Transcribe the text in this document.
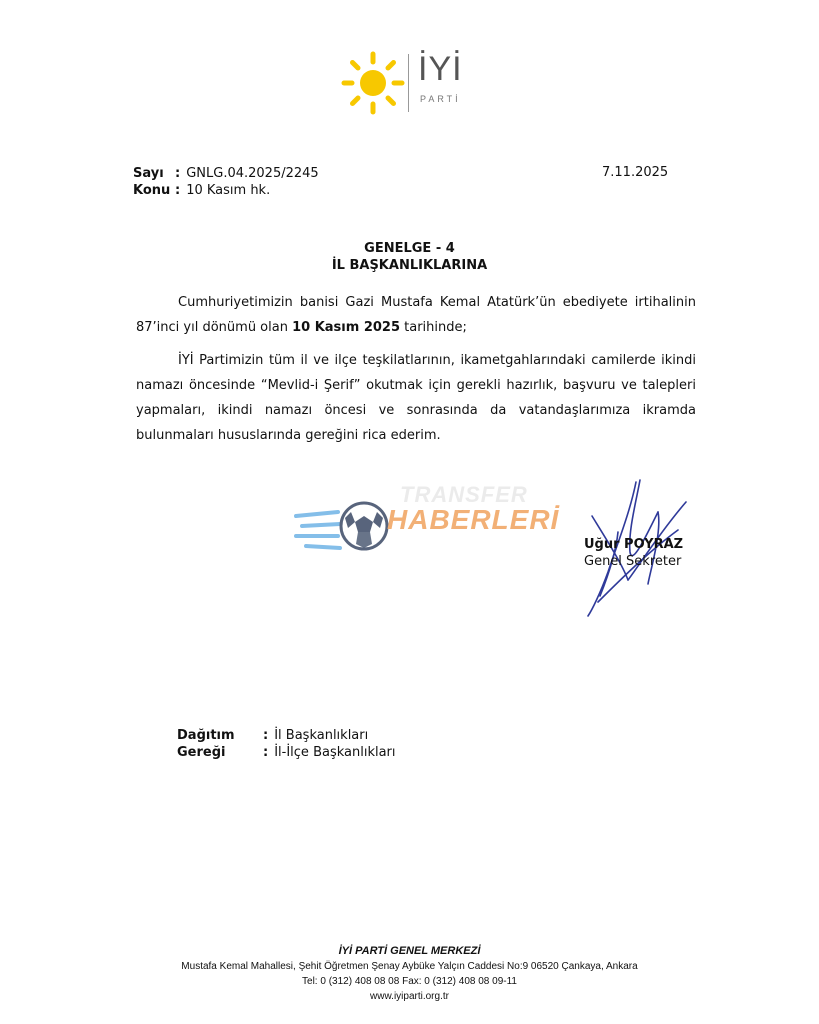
İYİ
PARTİ
Sayı : GNLG.04.2025/2245
Konu : 10 Kasım hk.
7.11.2025
GENELGE - 4
İL BAŞKANLIKLARINA
Cumhuriyetimizin banisi Gazi Mustafa Kemal Atatürk’ün ebediyete irtihalinin 87’inci yıl dönümü olan 10 Kasım 2025 tarihinde;
İYİ Partimizin tüm il ve ilçe teşkilatlarının, ikametgahlarındaki camilerde ikindi namazı öncesinde “Mevlid-i Şerif” okutmak için gerekli hazırlık, başvuru ve talepleri yapmaları, ikindi namazı öncesi ve sonrasında da vatandaşlarımıza ikramda bulunmaları hususlarında gereğini rica ederim.
TRANSFER
HABERLERİ
Uğur POYRAZ
Genel Sekreter
Dağıtım : İl Başkanlıkları
Gereği	: İl-İlçe Başkanlıkları
İYİ PARTİ GENEL MERKEZİ
Mustafa Kemal Mahallesi, Şehit Öğretmen Şenay Aybüke Yalçın Caddesi No:9 06520 Çankaya, Ankara
Tel: 0 (312) 408 08 08 Fax: 0 (312) 408 08 09-11
www.iyiparti.org.tr
